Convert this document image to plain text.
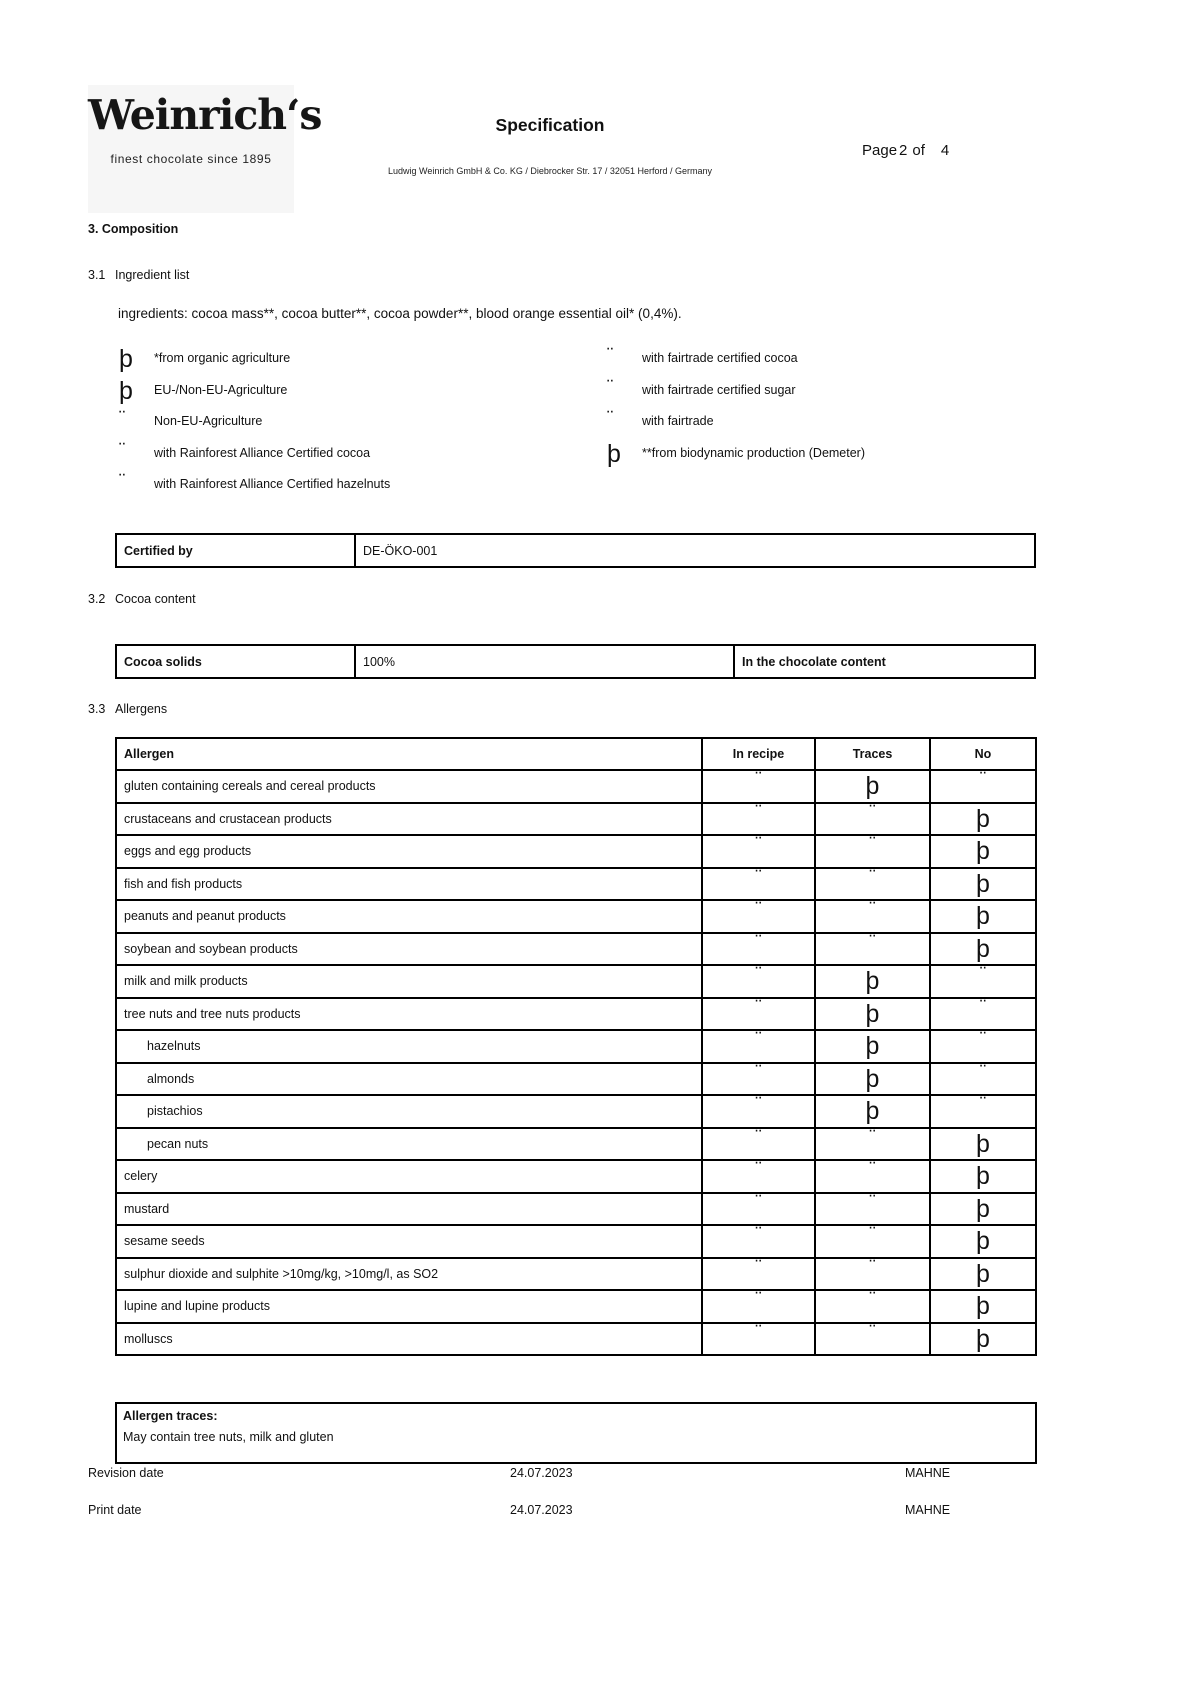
Weinrich‘s
finest chocolate since 1895
Specification
Ludwig Weinrich GmbH & Co. KG / Diebrocker Str. 17 / 32051 Herford / Germany
Page 2 of 4
3. Composition
3.1 Ingredient list
ingredients: cocoa mass**, cocoa butter**, cocoa powder**, blood orange essential oil* (0,4%).
þ	*from organic agriculture
þ	EU-/Non-EU-Agriculture
¨	Non-EU-Agriculture
¨	with Rainforest Alliance Certified cocoa
¨	with Rainforest Alliance Certified hazelnuts
¨	with fairtrade certified cocoa
¨	with fairtrade certified sugar
¨	with fairtrade
þ	**from biodynamic production (Demeter)
Certified by	DE-ÖKO-001
3.2 Cocoa content
Cocoa solids	100%	In the chocolate content
3.3 Allergens
Allergen	In recipe	Traces	No
gluten containing cereals and cereal products	¨	þ	¨
crustaceans and crustacean products	¨	¨	þ
eggs and egg products	¨	¨	þ
fish and fish products	¨	¨	þ
peanuts and peanut products	¨	¨	þ
soybean and soybean products	¨	¨	þ
milk and milk products	¨	þ	¨
tree nuts and tree nuts products	¨	þ	¨
hazelnuts	¨	þ	¨
almonds	¨	þ	¨
pistachios	¨	þ	¨
pecan nuts	¨	¨	þ
celery	¨	¨	þ
mustard	¨	¨	þ
sesame seeds	¨	¨	þ
sulphur dioxide and sulphite >10mg/kg, >10mg/l, as SO2	¨	¨	þ
lupine and lupine products	¨	¨	þ
molluscs	¨	¨	þ
Allergen traces:
May contain tree nuts, milk and gluten
Revision date	24.07.2023	MAHNE
Print date	24.07.2023	MAHNE
